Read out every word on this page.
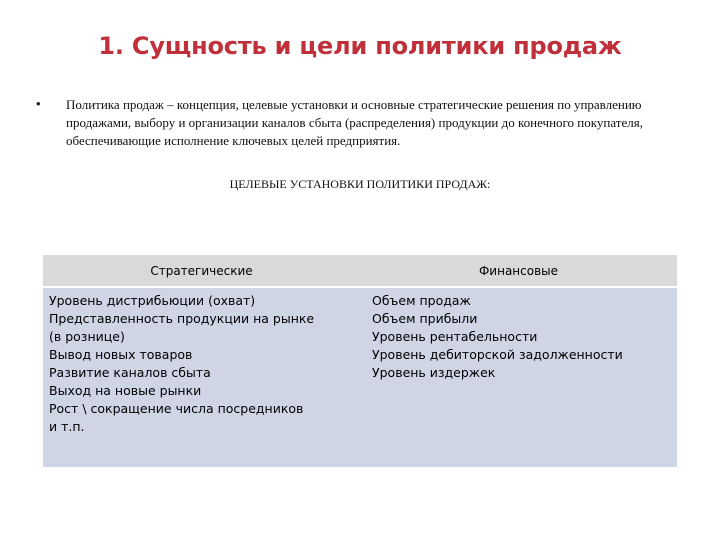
1. Сущность и цели политики продаж
• Политика продаж – концепция, целевые установки и основные стратегические решения по управлению продажами, выбору и организации каналов сбыта (распределения) продукции до конечного покупателя, обеспечивающие исполнение ключевых целей предприятия.
ЦЕЛЕВЫЕ УСТАНОВКИ ПОЛИТИКИ ПРОДАЖ:
Стратегические	Финансовые
Уровень дистрибьюции (охват)
Представленность продукции на рынке
(в рознице)
Вывод новых товаров
Развитие каналов сбыта
Выход на новые рынки
Рост \ сокращение числа посредников
и т.п.
Объем продаж
Объем прибыли
Уровень рентабельности
Уровень дебиторской задолженности
Уровень издержек
